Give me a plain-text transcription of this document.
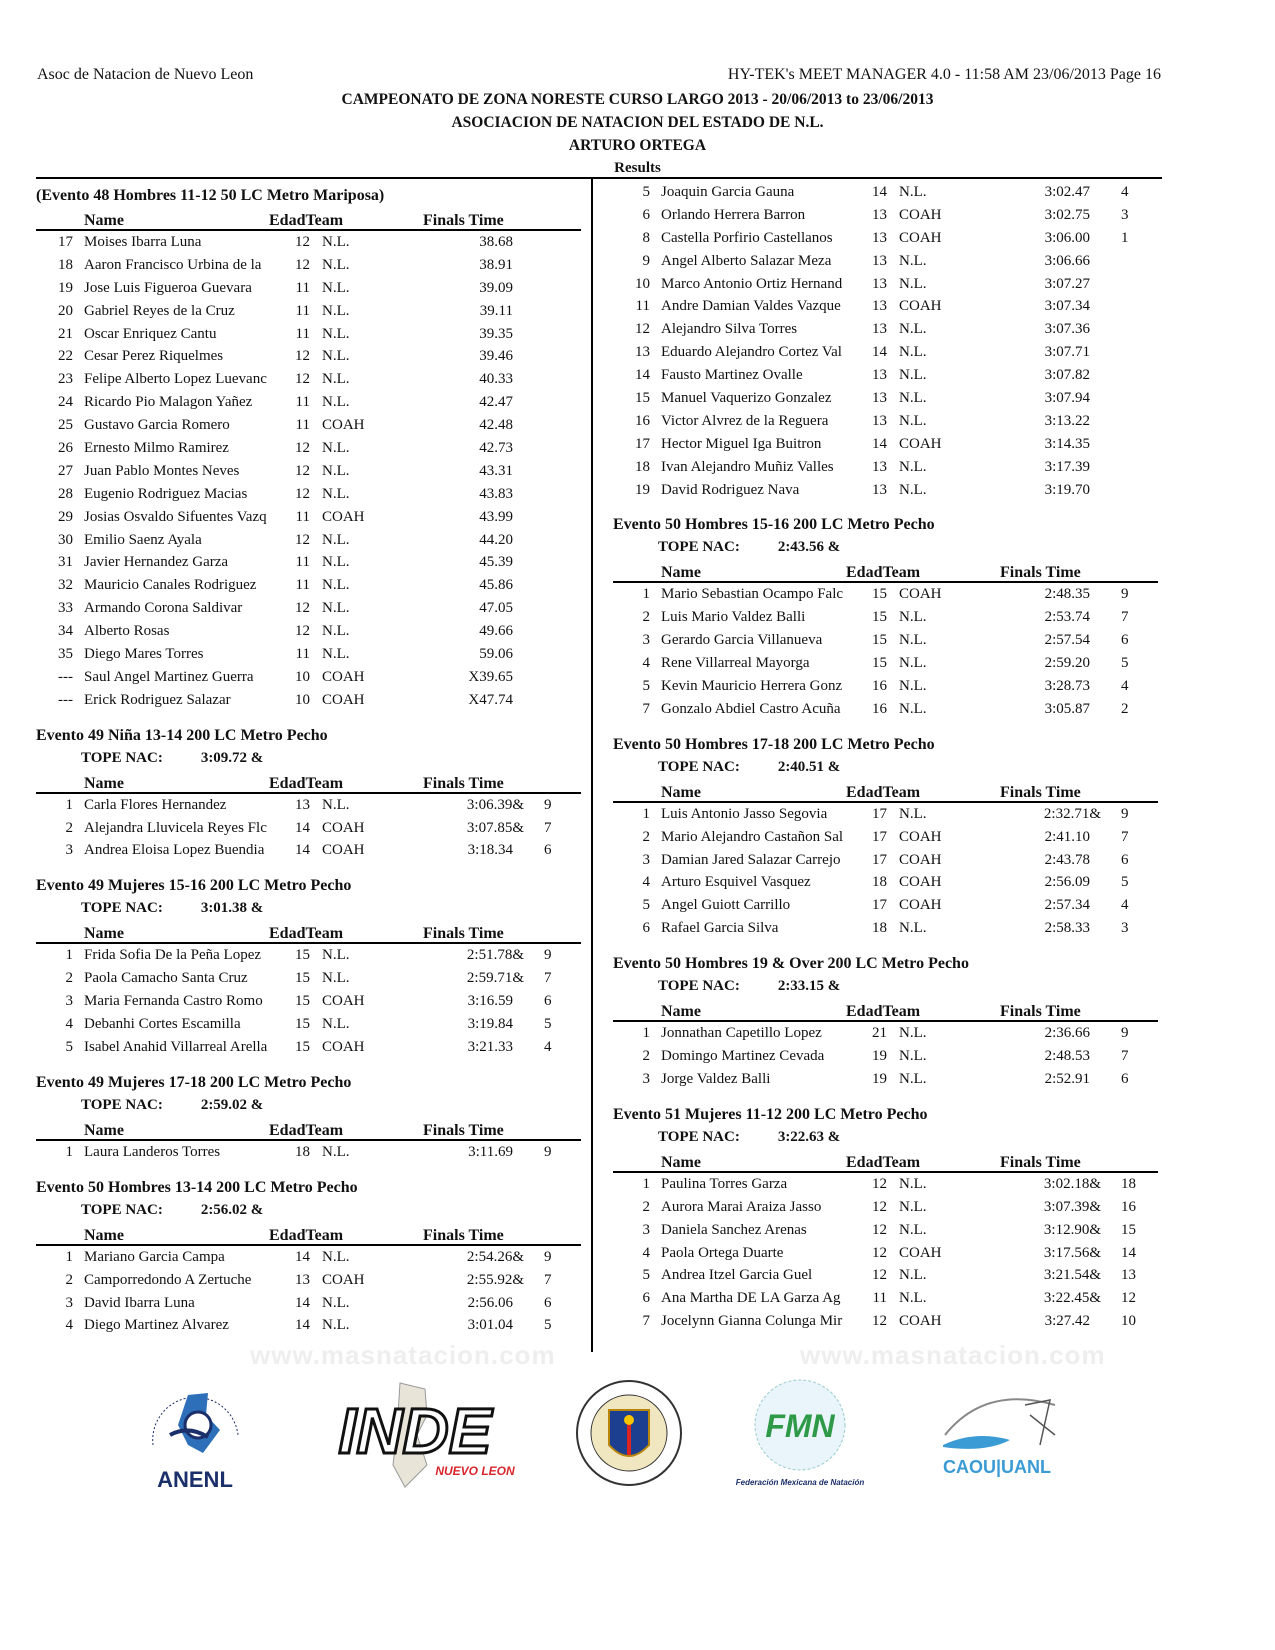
Asoc de Natacion de Nuevo Leon	HY-TEK's MEET MANAGER 4.0 - 11:58 AM 23/06/2013 Page 16
CAMPEONATO DE ZONA NORESTE CURSO LARGO 2013 - 20/06/2013 to 23/06/2013
ASOCIACION DE NATACION DEL ESTADO DE N.L.
ARTURO ORTEGA
Results
(Evento 48 Hombres 11-12 50 LC Metro Mariposa)
Name	EdadTeam	Finals Time
17 Moises Ibarra Luna	12 N.L.	38.68
18 Aaron Francisco Urbina de la	12 N.L.	38.91
19 Jose Luis Figueroa Guevara	11 N.L.	39.09
20 Gabriel Reyes de la Cruz	11 N.L.	39.11
21 Oscar Enriquez Cantu	11 N.L.	39.35
22 Cesar Perez Riquelmes	12 N.L.	39.46
23 Felipe Alberto Lopez Luevanc	12 N.L.	40.33
24 Ricardo Pio Malagon Yañez	11 N.L.	42.47
25 Gustavo Garcia Romero	11 COAH	42.48
26 Ernesto Milmo Ramirez	12 N.L.	42.73
27 Juan Pablo Montes Neves	12 N.L.	43.31
28 Eugenio Rodriguez Macias	12 N.L.	43.83
29 Josias Osvaldo Sifuentes Vazq	11 COAH	43.99
30 Emilio Saenz Ayala	12 N.L.	44.20
31 Javier Hernandez Garza	11 N.L.	45.39
32 Mauricio Canales Rodriguez	11 N.L.	45.86
33 Armando Corona Saldivar	12 N.L.	47.05
34 Alberto Rosas	12 N.L.	49.66
35 Diego Mares Torres	11 N.L.	59.06
--- Saul Angel Martinez Guerra	10 COAH	X39.65
--- Erick Rodriguez Salazar	10 COAH	X47.74
Evento 49 Niña 13-14 200 LC Metro Pecho
TOPE NAC:	3:09.72 &
Name	EdadTeam	Finals Time
1 Carla Flores Hernandez	13 N.L.	3:06.39& 9
2 Alejandra Lluvicela Reyes Flc	14 COAH	3:07.85& 7
3 Andrea Eloisa Lopez Buendia	14 COAH	3:18.34 6
Evento 49 Mujeres 15-16 200 LC Metro Pecho
TOPE NAC:	3:01.38 &
Name	EdadTeam	Finals Time
1 Frida Sofia De la Peña Lopez	15 N.L.	2:51.78& 9
2 Paola Camacho Santa Cruz	15 N.L.	2:59.71& 7
3 Maria Fernanda Castro Romo	15 COAH	3:16.59 6
4 Debanhi Cortes Escamilla	15 N.L.	3:19.84 5
5 Isabel Anahid Villarreal Arella	15 COAH	3:21.33 4
Evento 49 Mujeres 17-18 200 LC Metro Pecho
TOPE NAC:	2:59.02 &
Name	EdadTeam	Finals Time
1 Laura Landeros Torres	18 N.L.	3:11.69 9
Evento 50 Hombres 13-14 200 LC Metro Pecho
TOPE NAC:	2:56.02 &
Name	EdadTeam	Finals Time
1 Mariano Garcia Campa	14 N.L.	2:54.26& 9
2 Camporredondo A Zertuche	13 COAH	2:55.92& 7
3 David Ibarra Luna	14 N.L.	2:56.06 6
4 Diego Martinez Alvarez	14 N.L.	3:01.04 5
5 Joaquin Garcia Gauna	14 N.L.	3:02.47 4
6 Orlando Herrera Barron	13 COAH	3:02.75 3
8 Castella Porfirio Castellanos	13 COAH	3:06.00 1
9 Angel Alberto Salazar Meza	13 N.L.	3:06.66
10 Marco Antonio Ortiz Hernand	13 N.L.	3:07.27
11 Andre Damian Valdes Vazque	13 COAH	3:07.34
12 Alejandro Silva Torres	13 N.L.	3:07.36
13 Eduardo Alejandro Cortez Val	14 N.L.	3:07.71
14 Fausto Martinez Ovalle	13 N.L.	3:07.82
15 Manuel Vaquerizo Gonzalez	13 N.L.	3:07.94
16 Victor Alvrez de la Reguera	13 N.L.	3:13.22
17 Hector Miguel Iga Buitron	14 COAH	3:14.35
18 Ivan Alejandro Muñiz Valles	13 N.L.	3:17.39
19 David Rodriguez Nava	13 N.L.	3:19.70
Evento 50 Hombres 15-16 200 LC Metro Pecho
TOPE NAC:	2:43.56 &
Name	EdadTeam	Finals Time
1 Mario Sebastian Ocampo Falc	15 COAH	2:48.35 9
2 Luis Mario Valdez Balli	15 N.L.	2:53.74 7
3 Gerardo Garcia Villanueva	15 N.L.	2:57.54 6
4 Rene Villarreal Mayorga	15 N.L.	2:59.20 5
5 Kevin Mauricio Herrera Gonz	16 N.L.	3:28.73 4
7 Gonzalo Abdiel Castro Acuña	16 N.L.	3:05.87 2
Evento 50 Hombres 17-18 200 LC Metro Pecho
TOPE NAC:	2:40.51 &
Name	EdadTeam	Finals Time
1 Luis Antonio Jasso Segovia	17 N.L.	2:32.71& 9
2 Mario Alejandro Castañon Sal	17 COAH	2:41.10 7
3 Damian Jared Salazar Carrejo	17 COAH	2:43.78 6
4 Arturo Esquivel Vasquez	18 COAH	2:56.09 5
5 Angel Guiott Carrillo	17 COAH	2:57.34 4
6 Rafael Garcia Silva	18 N.L.	2:58.33 3
Evento 50 Hombres 19 & Over 200 LC Metro Pecho
TOPE NAC:	2:33.15 &
Name	EdadTeam	Finals Time
1 Jonnathan Capetillo Lopez	21 N.L.	2:36.66 9
2 Domingo Martinez Cevada	19 N.L.	2:48.53 7
3 Jorge Valdez Balli	19 N.L.	2:52.91 6
Evento 51 Mujeres 11-12 200 LC Metro Pecho
TOPE NAC:	3:22.63 &
Name	EdadTeam	Finals Time
1 Paulina Torres Garza	12 N.L.	3:02.18& 18
2 Aurora Marai Araiza Jasso	12 N.L.	3:07.39& 16
3 Daniela Sanchez Arenas	12 N.L.	3:12.90& 15
4 Paola Ortega Duarte	12 COAH	3:17.56& 14
5 Andrea Itzel Garcia Guel	12 N.L.	3:21.54& 13
6 Ana Martha DE LA Garza Ag	11 N.L.	3:22.45& 12
7 Jocelynn Gianna Colunga Mir	12 COAH	3:27.42 10
www.masnatacion.com	www.masnatacion.com
ANENL
INDE
NUEVO LEON
FMN
Federación Mexicana de Natación
CAOU|UANL
